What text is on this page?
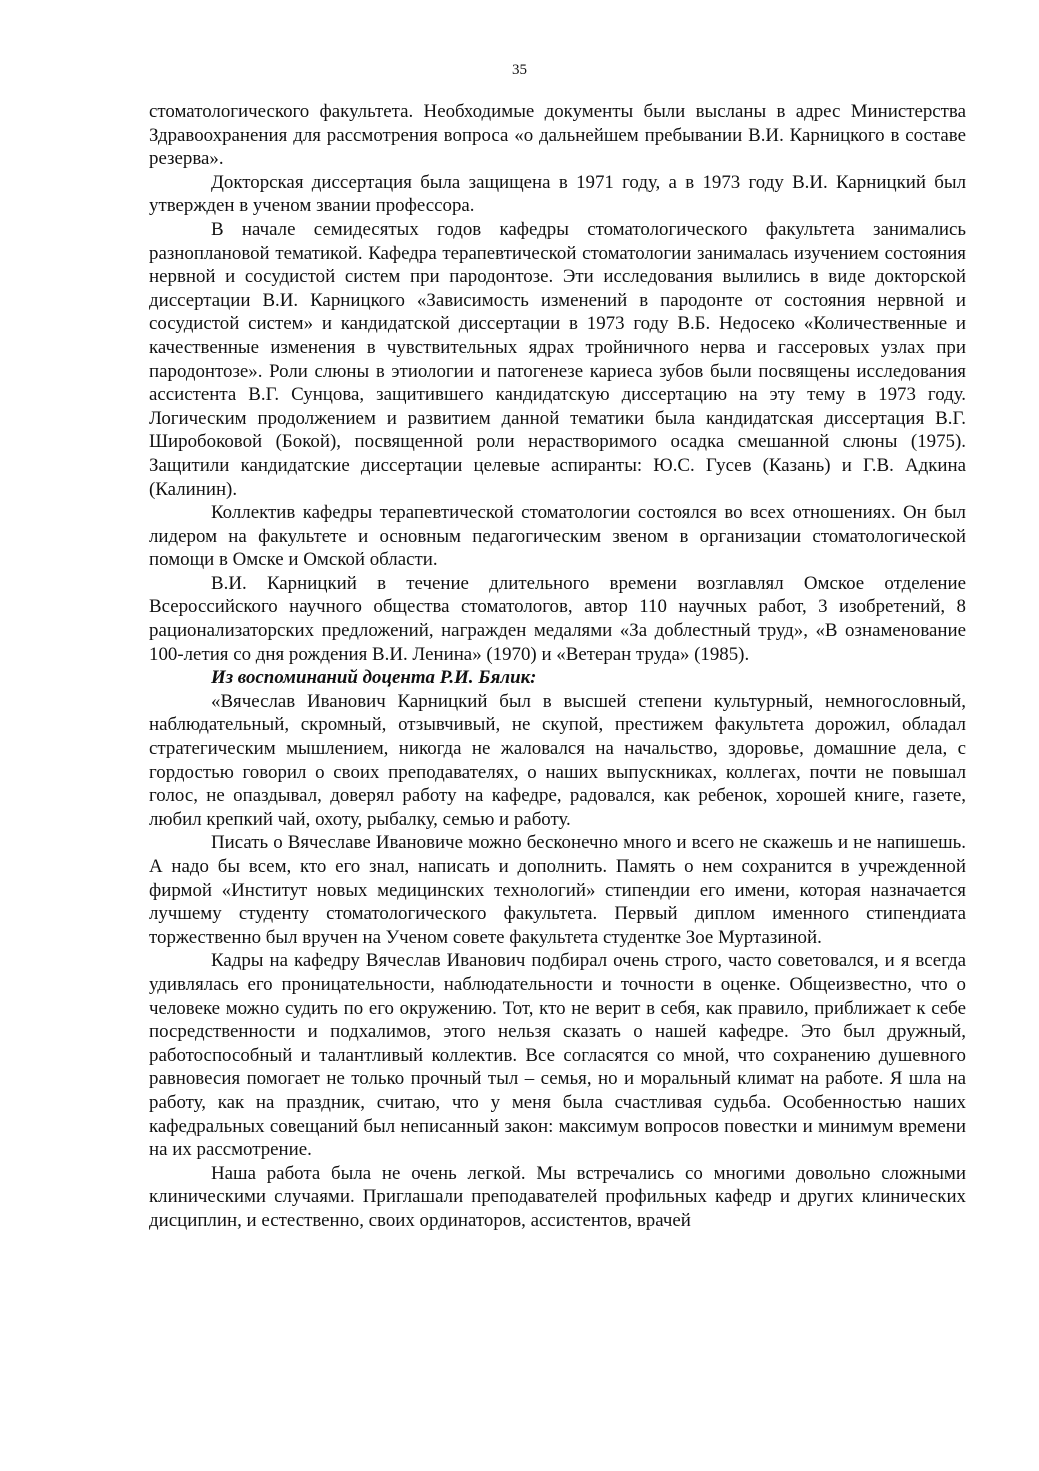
35

стоматологического факультета. Необходимые документы были высланы в адрес Министерства Здравоохранения для рассмотрения вопроса «о дальнейшем пребывании В.И. Карницкого в составе резерва».

Докторская диссертация была защищена в 1971 году, а в 1973 году В.И. Карницкий был утвержден в ученом звании профессора.

В начале семидесятых годов кафедры стоматологического факультета занимались разноплановой тематикой. Кафедра терапевтической стоматологии занималась изучением состояния нервной и сосудистой систем при пародонтозе. Эти исследования вылились в виде докторской диссертации В.И. Карницкого «Зависимость изменений в пародонте от состояния нервной и сосудистой систем» и кандидатской диссертации в 1973 году В.Б. Недосеко «Количественные и качественные изменения в чувствительных ядрах тройничного нерва и гассеровых узлах при пародонтозе». Роли слюны в этиологии и патогенезе кариеса зубов были посвящены исследования ассистента В.Г. Сунцова, защитившего кандидатскую диссертацию на эту тему в 1973 году. Логическим продолжением и развитием данной тематики была кандидатская диссертация В.Г. Широбоковой (Бокой), посвященной роли нерастворимого осадка смешанной слюны (1975). Защитили кандидатские диссертации целевые аспиранты: Ю.С. Гусев (Казань) и Г.В. Адкина (Калинин).

Коллектив кафедры терапевтической стоматологии состоялся во всех отношениях. Он был лидером на факультете и основным педагогическим звеном в организации стоматологической помощи в Омске и Омской области.

В.И. Карницкий в течение длительного времени возглавлял Омское отделение Всероссийского научного общества стоматологов, автор 110 научных работ, 3 изобретений, 8 рационализаторских предложений, награжден медалями «За доблестный труд», «В ознаменование 100-летия со дня рождения В.И. Ленина» (1970) и «Ветеран труда» (1985).

Из воспоминаний доцента Р.И. Бялик:

«Вячеслав Иванович Карницкий был в высшей степени культурный, немногословный, наблюдательный, скромный, отзывчивый, не скупой, престижем факультета дорожил, обладал стратегическим мышлением, никогда не жаловался на начальство, здоровье, домашние дела, с гордостью говорил о своих преподавателях, о наших выпускниках, коллегах, почти не повышал голос, не опаздывал, доверял работу на кафедре, радовался, как ребенок, хорошей книге, газете, любил крепкий чай, охоту, рыбалку, семью и работу.

Писать о Вячеславе Ивановиче можно бесконечно много и всего не скажешь и не напишешь. А надо бы всем, кто его знал, написать и дополнить. Память о нем сохранится в учрежденной фирмой «Институт новых медицинских технологий» стипендии его имени, которая назначается лучшему студенту стоматологического факультета. Первый диплом именного стипендиата торжественно был вручен на Ученом совете факультета студентке Зое Муртазиной.

Кадры на кафедру Вячеслав Иванович подбирал очень строго, часто советовался, и я всегда удивлялась его проницательности, наблюдательности и точности в оценке. Общеизвестно, что о человеке можно судить по его окружению. Тот, кто не верит в себя, как правило, приближает к себе посредственности и подхалимов, этого нельзя сказать о нашей кафедре. Это был дружный, работоспособный и талантливый коллектив. Все согласятся со мной, что сохранению душевного равновесия помогает не только прочный тыл – семья, но и моральный климат на работе. Я шла на работу, как на праздник, считаю, что у меня была счастливая судьба. Особенностью наших кафедральных совещаний был неписанный закон: максимум вопросов повестки и минимум времени на их рассмотрение.

Наша работа была не очень легкой. Мы встречались со многими довольно сложными клиническими случаями. Приглашали преподавателей профильных кафедр и других клинических дисциплин, и естественно, своих ординаторов, ассистентов, врачей
